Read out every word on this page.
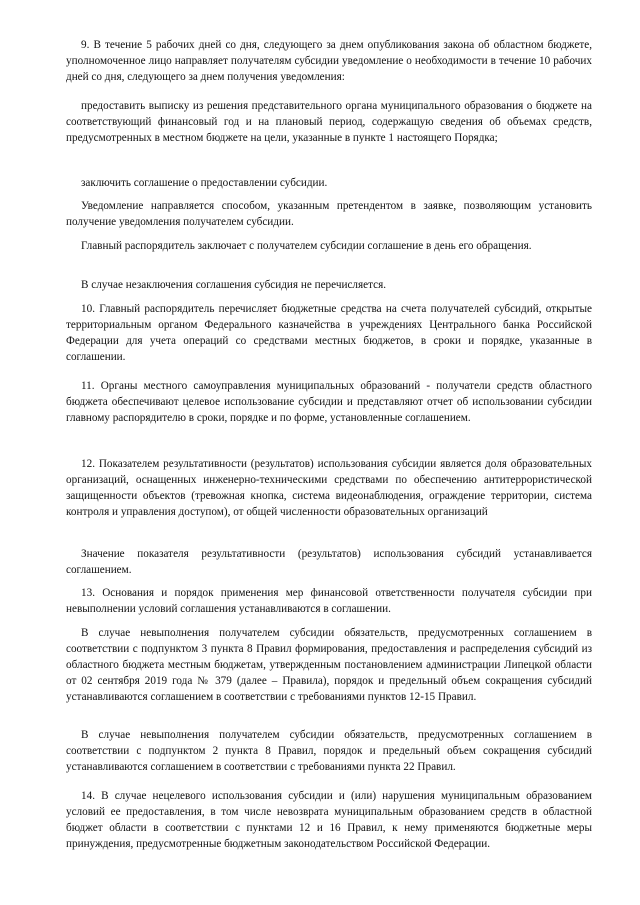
9. В течение 5 рабочих дней со дня, следующего за днем опубликования закона об областном бюджете, уполномоченное лицо направляет получателям субсидии уведомление о необходимости в течение 10 рабочих дней со дня, следующего за днем получения уведомления:

предоставить выписку из решения представительного органа муниципального образования о бюджете на соответствующий финансовый год и на плановый период, содержащую сведения об объемах средств, предусмотренных в местном бюджете на цели, указанные в пункте 1 настоящего Порядка;

заключить соглашение о предоставлении субсидии.

Уведомление направляется способом, указанным претендентом в заявке, позволяющим установить получение уведомления получателем субсидии.

Главный распорядитель заключает с получателем субсидии соглашение в день его обращения.

В случае незаключения соглашения субсидия не перечисляется.

10. Главный распорядитель перечисляет бюджетные средства на счета получателей субсидий, открытые территориальным органом Федерального казначейства в учреждениях Центрального банка Российской Федерации для учета операций со средствами местных бюджетов, в сроки и порядке, указанные в соглашении.

11. Органы местного самоуправления муниципальных образований - получатели средств областного бюджета обеспечивают целевое использование субсидии и представляют отчет об использовании субсидии главному распорядителю в сроки, порядке и по форме, установленные соглашением.

12. Показателем результативности (результатов) использования субсидии является доля образовательных организаций, оснащенных инженерно-техническими средствами по обеспечению антитеррористической защищенности объектов (тревожная кнопка, система видеонаблюдения, ограждение территории, система контроля и управления доступом), от общей численности образовательных организаций

Значение показателя результативности (результатов) использования субсидий устанавливается соглашением.

13. Основания и порядок применения мер финансовой ответственности получателя субсидии при невыполнении условий соглашения устанавливаются в соглашении.

В случае невыполнения получателем субсидии обязательств, предусмотренных соглашением в соответствии с подпунктом 3 пункта 8 Правил формирования, предоставления и распределения субсидий из областного бюджета местным бюджетам, утвержденным постановлением администрации Липецкой области от 02 сентября 2019 года № 379 (далее – Правила), порядок и предельный объем сокращения субсидий устанавливаются соглашением в соответствии с требованиями пунктов 12-15 Правил.

В случае невыполнения получателем субсидии обязательств, предусмотренных соглашением в соответствии с подпунктом 2 пункта 8 Правил, порядок и предельный объем сокращения субсидий устанавливаются соглашением в соответствии с требованиями пункта 22 Правил.

14. В случае нецелевого использования субсидии и (или) нарушения муниципальным образованием условий ее предоставления, в том числе невозврата муниципальным образованием средств в областной бюджет области в соответствии с пунктами 12 и 16 Правил, к нему применяются бюджетные меры принуждения, предусмотренные бюджетным законодательством Российской Федерации.
